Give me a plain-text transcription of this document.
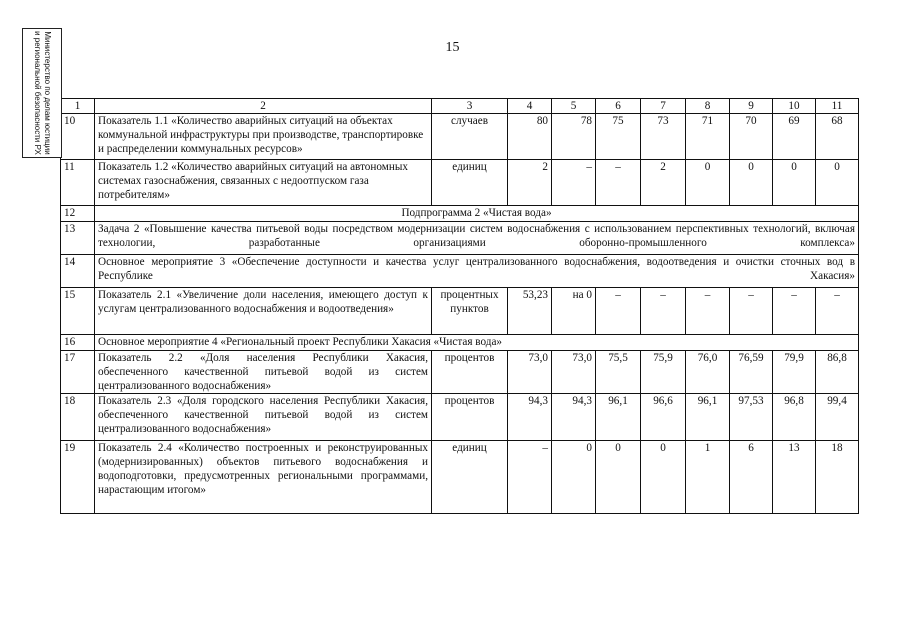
15
Министерство по делам юстиции и региональной безопасности РХ	1	2	3	4	5	6	7	8	9	10	11
10	Показатель 1.1 «Количество аварийных ситуаций на объектах коммунальной инфраструктуры при производстве, транспортировке и распределении коммунальных ресурсов»	случаев	80	78	75	73	71	70	69	68
11	Показатель 1.2 «Количество аварийных ситуаций на автономных системах газоснабжения, связанных с недоотпуском газа потребителям»	единиц	2	–	–	2	0	0	0	0
12	Подпрограмма 2 «Чистая вода»									
13	Задача 2 «Повышение качества питьевой воды посредством модернизации систем водоснабжения с использованием перспективных технологий, включая технологии, разработанные организациями оборонно-промышленного комплекса»									
14	Основное мероприятие 3 «Обеспечение доступности и качества услуг централизованного водоснабжения, водоотведения и очистки сточных вод в Республике Хакасия»									
15	Показатель 2.1 «Увеличение доли населения, имеющего доступ к услугам централизованного водоснабжения и водоотведения»	процентных пунктов	53,23	на 0	–	–	–	–	–	–
16	Основное мероприятие 4 «Региональный проект Республики Хакасия «Чистая вода»									
17	Показатель 2.2 «Доля населения Республики Хакасия, обеспеченного качественной питьевой водой из систем централизованного водоснабжения»	процентов	73,0	73,0	75,5	75,9	76,0	76,59	79,9	86,8
18	Показатель 2.3 «Доля городского населения Республики Хакасия, обеспеченного качественной питьевой водой из систем централизованного водоснабжения»	процентов	94,3	94,3	96,1	96,6	96,1	97,53	96,8	99,4
19	Показатель 2.4 «Количество построенных и реконструированных (модернизированных) объектов питьевого водоснабжения и водоподготовки, предусмотренных региональными программами, нарастающим итогом»	единиц	–	0	0	0	1	6	13	18
